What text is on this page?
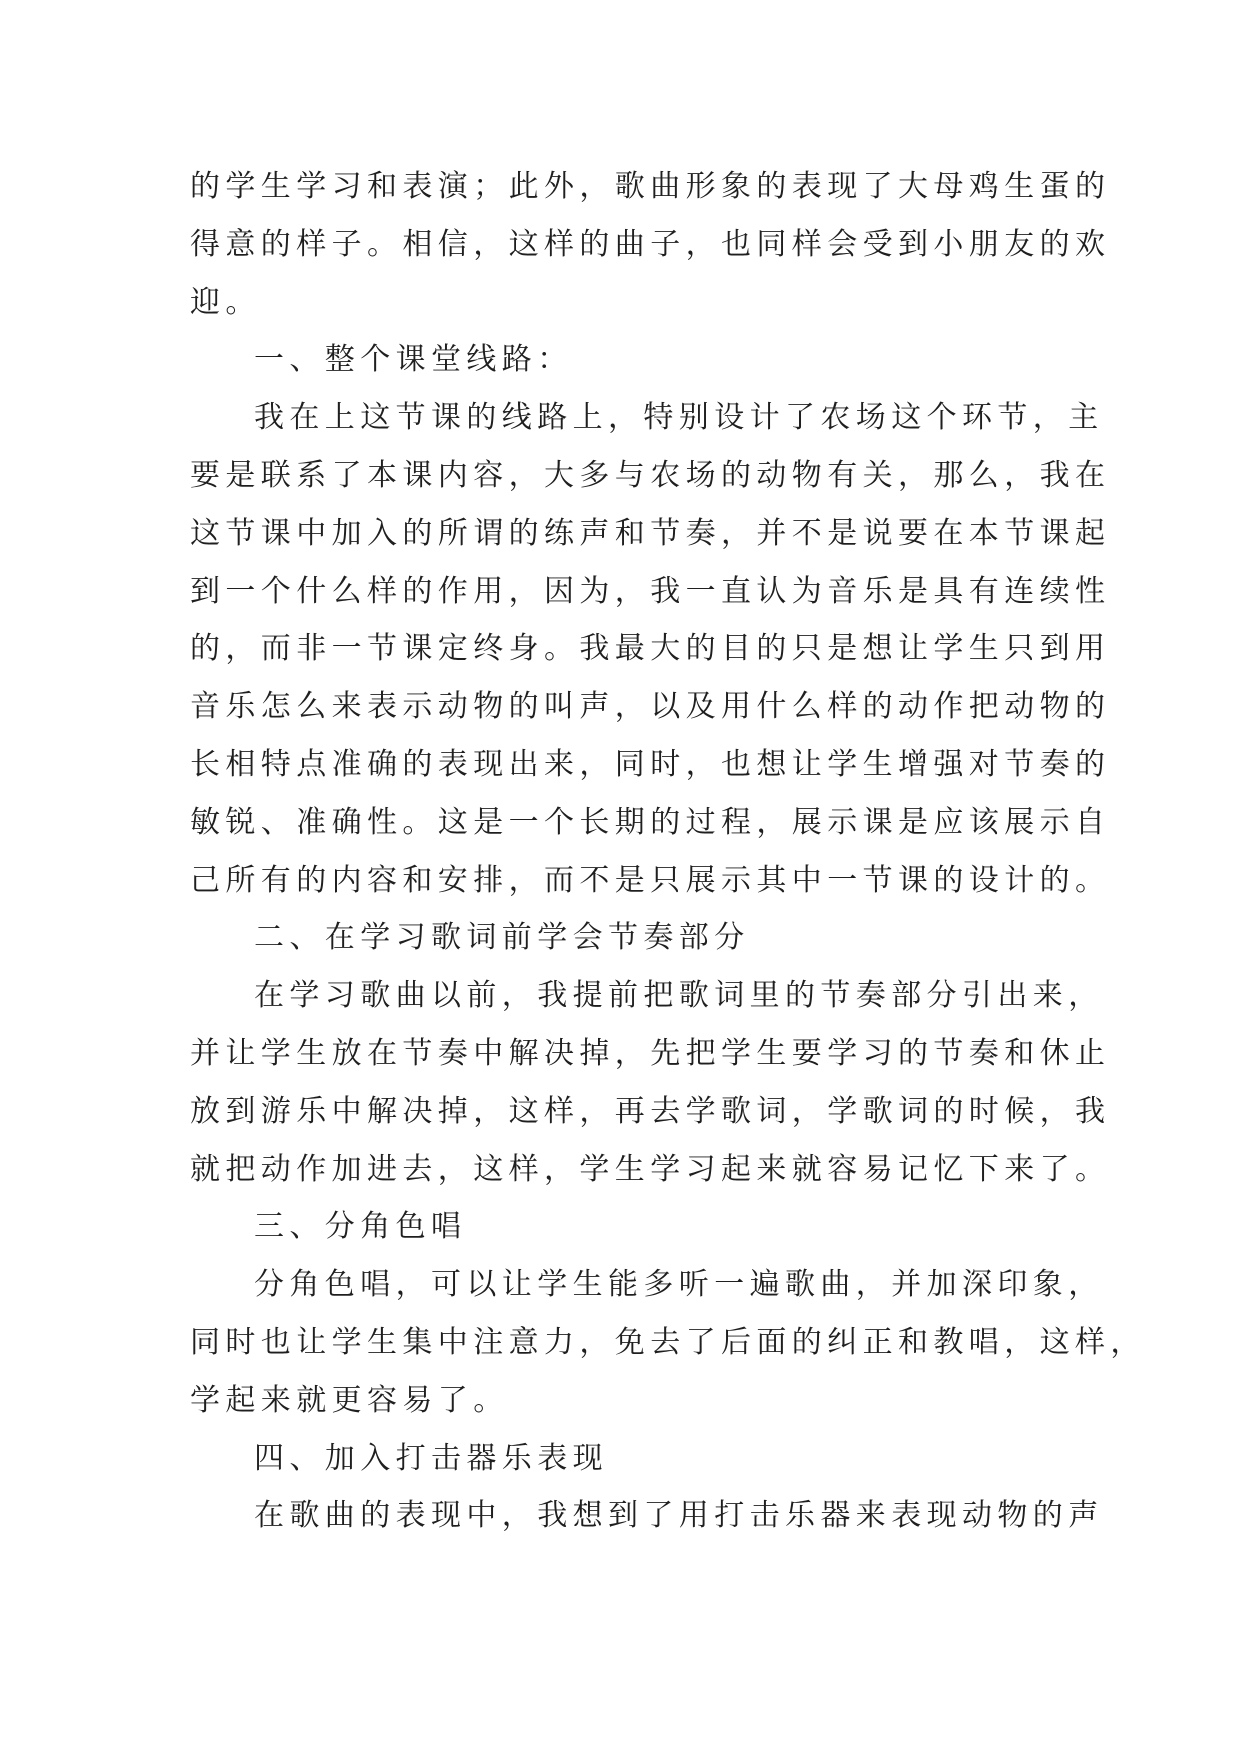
的学生学习和表演；此外，歌曲形象的表现了大母鸡生蛋的
得意的样子。相信，这样的曲子，也同样会受到小朋友的欢
迎。
一、整个课堂线路：
我在上这节课的线路上，特别设计了农场这个环节，主
要是联系了本课内容，大多与农场的动物有关，那么，我在
这节课中加入的所谓的练声和节奏，并不是说要在本节课起
到一个什么样的作用，因为，我一直认为音乐是具有连续性
的，而非一节课定终身。我最大的目的只是想让学生只到用
音乐怎么来表示动物的叫声，以及用什么样的动作把动物的
长相特点准确的表现出来，同时，也想让学生增强对节奏的
敏锐、准确性。这是一个长期的过程，展示课是应该展示自
己所有的内容和安排，而不是只展示其中一节课的设计的。
二、在学习歌词前学会节奏部分
在学习歌曲以前，我提前把歌词里的节奏部分引出来，
并让学生放在节奏中解决掉，先把学生要学习的节奏和休止
放到游乐中解决掉，这样，再去学歌词，学歌词的时候，我
就把动作加进去，这样，学生学习起来就容易记忆下来了。
三、分角色唱
分角色唱，可以让学生能多听一遍歌曲，并加深印象，
同时也让学生集中注意力，免去了后面的纠正和教唱，这样，
学起来就更容易了。
四、加入打击器乐表现
在歌曲的表现中，我想到了用打击乐器来表现动物的声
